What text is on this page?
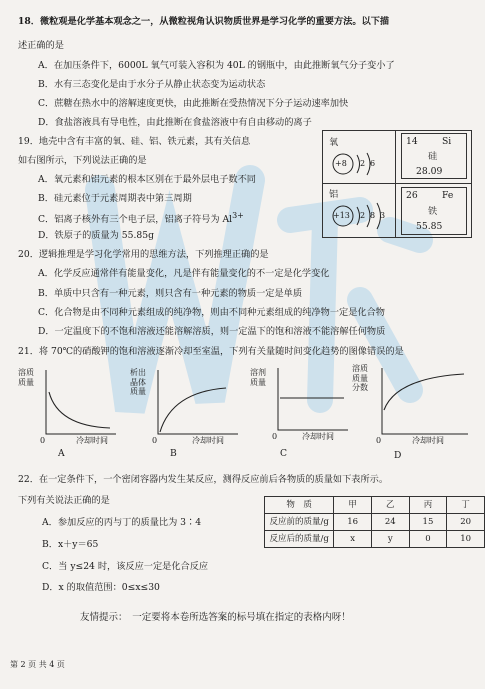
18．微粒观是化学基本观念之一，从微粒视角认识物质世界是学习化学的重要方法。以下描
述正确的是
A．在加压条件下，6000L 氧气可装入容积为 40L 的钢瓶中，由此推断氧气分子变小了
B．水有三态变化是由于水分子从静止状态变为运动状态
C．蔗糖在热水中的溶解速度更快，由此推断在受热情况下分子运动速率加快
D．食盐溶液具有导电性，由此推断在食盐溶液中有自由移动的离子
19．地壳中含有丰富的氧、硅、铝、铁元素，其有关信息
如右图所示，下列说法正确的是
A．氧元素和铝元素的根本区别在于最外层电子数不同
B．硅元素位于元素周期表中第三周期
C．铝离子核外有三个电子层，铝离子符号为 $Al^{3+}$
D．铁原子的质量为 55.85g
氧
+8 2 6
14	Si
硅
28.09
铝
+13 2 8 3
26	Fe
铁
55.85
20．逻辑推理是学习化学常用的思维方法，下列推理正确的是
A．化学反应通常伴有能量变化，凡是伴有能量变化的不一定是化学变化
B．单质中只含有一种元素，则只含有一种元素的物质一定是单质
C．化合物是由不同种元素组成的纯净物，则由不同种元素组成的纯净物一定是化合物
D．一定温度下的不饱和溶液还能溶解溶质，则一定温下的饱和溶液不能溶解任何物质
21．将 70℃的硝酸钾的饱和溶液逐渐冷却至室温，下列有关量随时间变化趋势的图像错误的是
溶质
质量
0	冷却时间
A
析出
晶体
质量
0	冷却时间
B
溶剂
质量
0	冷却时间
C
溶质
质量
分数
0	冷却时间
D
22．在一定条件下，一个密闭容器内发生某反应，测得反应前后各物质的质量如下表所示。
下列有关说法正确的是
A．参加反应的丙与丁的质量比为 3∶4
B．x＋y＝65
C．当 y≤24 时，该反应一定是化合反应
D．x 的取值范围：0≤x≤30
物　质	甲	乙	丙	丁
反应前的质量/g	16	24	15	20
反应后的质量/g	x	y	0	10
友情提示：　一定要将本卷所选答案的标号填在指定的表格内呀！
第 2 页 共 4 页
